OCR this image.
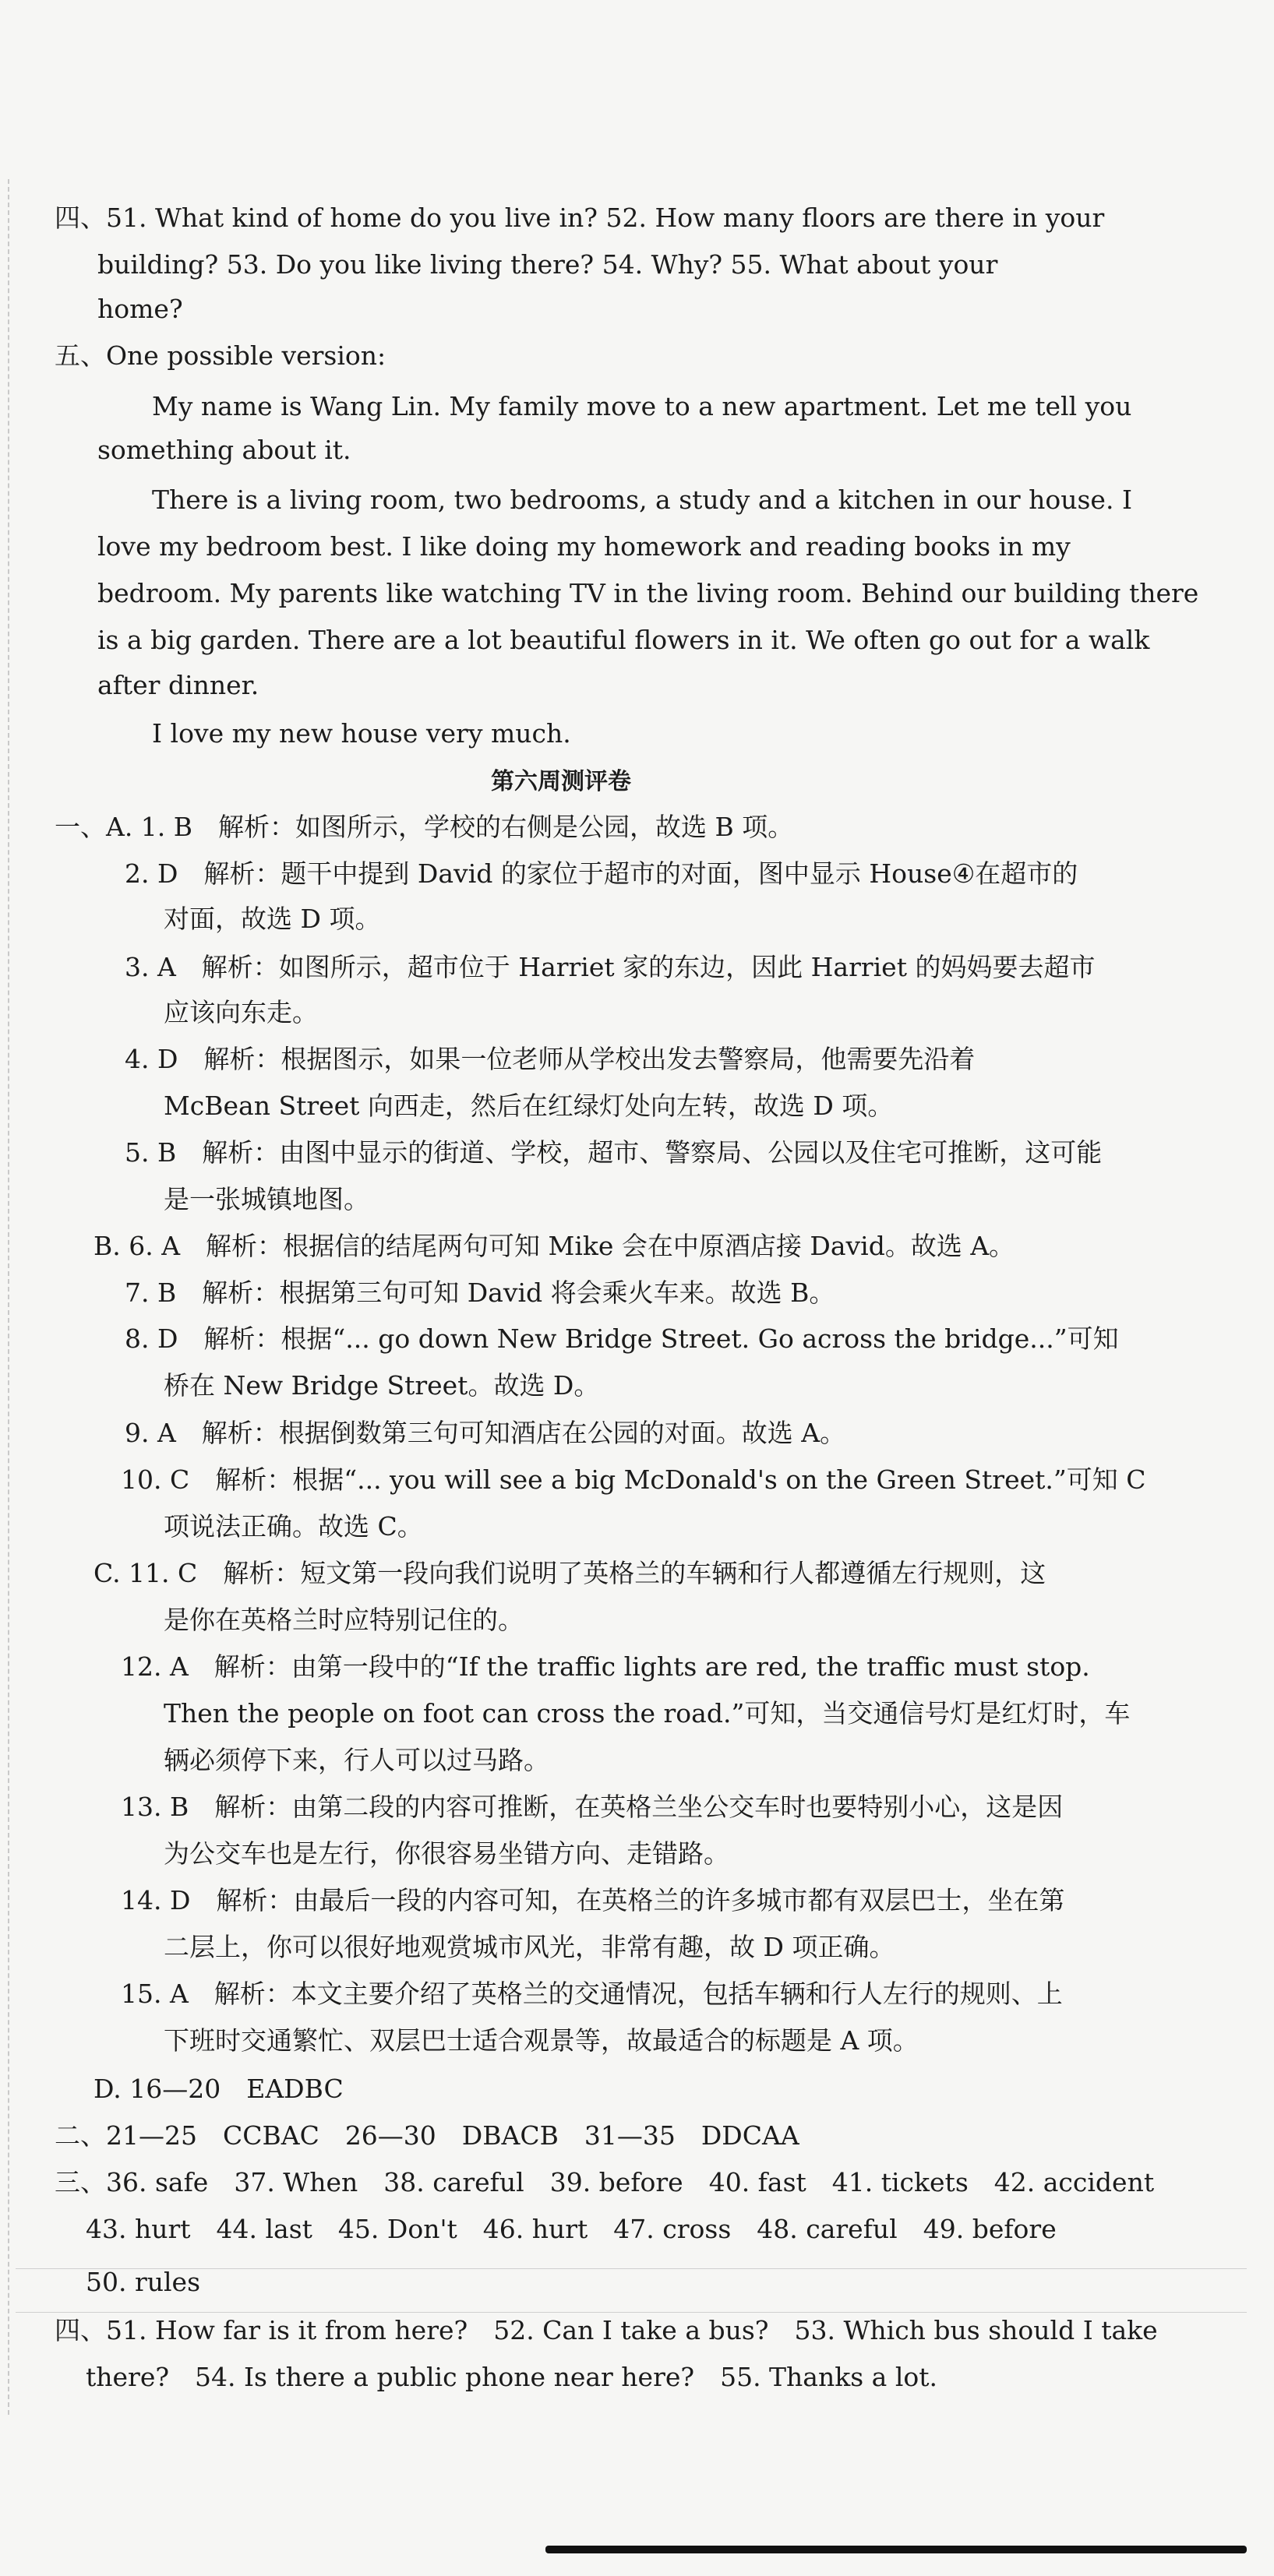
四、51. What kind of home do you live in? 52. How many floors are there in your
building? 53. Do you like living there? 54. Why? 55. What about your
home?
五、One possible version:
My name is Wang Lin. My family move to a new apartment. Let me tell you
something about it.
There is a living room, two bedrooms, a study and a kitchen in our house. I
love my bedroom best. I like doing my homework and reading books in my
bedroom. My parents like watching TV in the living room. Behind our building there
is a big garden. There are a lot beautiful flowers in it. We often go out for a walk
after dinner.
I love my new house very much.
第六周测评卷
一、A. 1. B　解析：如图所示，学校的右侧是公园，故选 B 项。
2. D　解析：题干中提到 David 的家位于超市的对面，图中显示 House④在超市的
对面，故选 D 项。
3. A　解析：如图所示，超市位于 Harriet 家的东边，因此 Harriet 的妈妈要去超市
应该向东走。
4. D　解析：根据图示，如果一位老师从学校出发去警察局，他需要先沿着
McBean Street 向西走，然后在红绿灯处向左转，故选 D 项。
5. B　解析：由图中显示的街道、学校，超市、警察局、公园以及住宅可推断，这可能
是一张城镇地图。
B. 6. A　解析：根据信的结尾两句可知 Mike 会在中原酒店接 David。故选 A。
7. B　解析：根据第三句可知 David 将会乘火车来。故选 B。
8. D　解析：根据“... go down New Bridge Street. Go across the bridge...”可知
桥在 New Bridge Street。故选 D。
9. A　解析：根据倒数第三句可知酒店在公园的对面。故选 A。
10. C　解析：根据“... you will see a big McDonald's on the Green Street.”可知 C
项说法正确。故选 C。
C. 11. C　解析：短文第一段向我们说明了英格兰的车辆和行人都遵循左行规则，这
是你在英格兰时应特别记住的。
12. A　解析：由第一段中的“If the traffic lights are red, the traffic must stop.
Then the people on foot can cross the road.”可知，当交通信号灯是红灯时，车
辆必须停下来，行人可以过马路。
13. B　解析：由第二段的内容可推断，在英格兰坐公交车时也要特别小心，这是因
为公交车也是左行，你很容易坐错方向、走错路。
14. D　解析：由最后一段的内容可知，在英格兰的许多城市都有双层巴士，坐在第
二层上，你可以很好地观赏城市风光，非常有趣，故 D 项正确。
15. A　解析：本文主要介绍了英格兰的交通情况，包括车辆和行人左行的规则、上
下班时交通繁忙、双层巴士适合观景等，故最适合的标题是 A 项。
D. 16—20　EADBC
二、21—25　CCBAC　26—30　DBACB　31—35　DDCAA
三、36. safe　37. When　38. careful　39. before　40. fast　41. tickets　42. accident
43. hurt　44. last　45. Don't　46. hurt　47. cross　48. careful　49. before
50. rules
四、51. How far is it from here?　52. Can I take a bus?　53. Which bus should I take
there?　54. Is there a public phone near here?　55. Thanks a lot.
